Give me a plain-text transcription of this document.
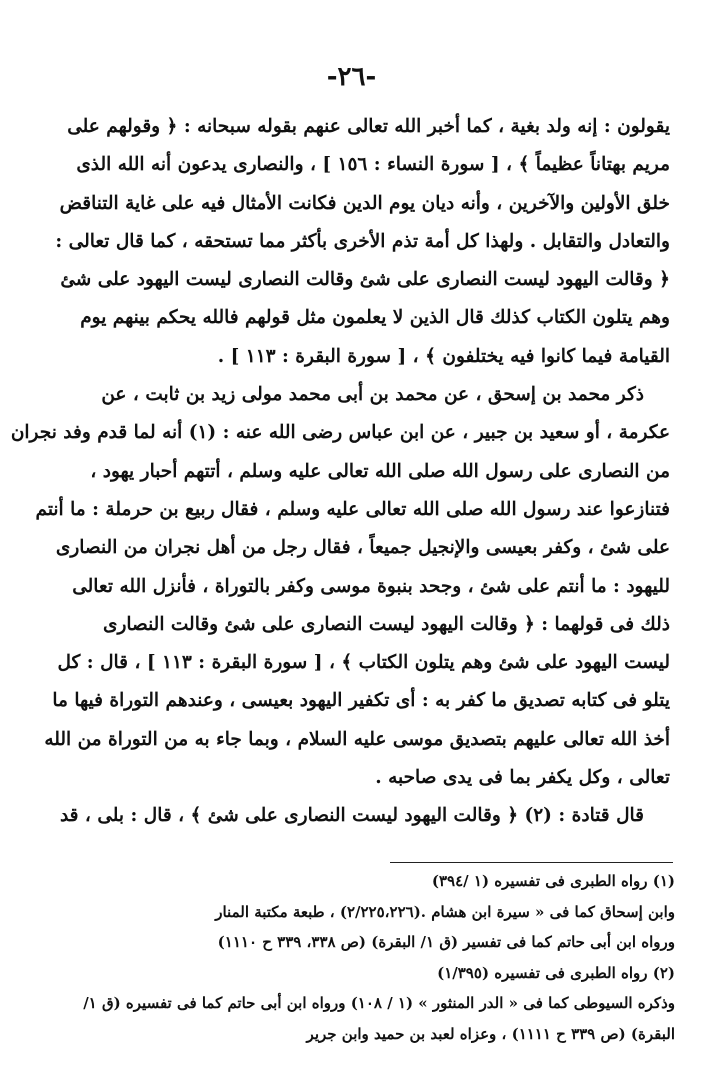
-٢٦-
يقولون : إنه ولد بغية ، كما أخبر الله تعالى عنهم بقوله سبحانه : ﴿ وقولهم على
مريم بهتاناً عظيماً ﴾ ، [ سورة النساء : ١٥٦ ] ، والنصارى يدعون أنه الله الذى
خلق الأولين والآخرين ، وأنه ديان يوم الدين فكانت الأمثال فيه على غاية التناقض
والتعادل والتقابل . ولهذا كل أمة تذم الأخرى بأكثر مما تستحقه ، كما قال تعالى :
﴿ وقالت اليهود ليست النصارى على شئ وقالت النصارى ليست اليهود على شئ
وهم يتلون الكتاب كذلك قال الذين لا يعلمون مثل قولهم فالله يحكم بينهم يوم
القيامة فيما كانوا فيه يختلفون ﴾ ، [ سورة البقرة : ١١٣ ] .
ذكر محمد بن إسحق ، عن محمد بن أبى محمد مولى زيد بن ثابت ، عن
عكرمة ، أو سعيد بن جبير ، عن ابن عباس رضى الله عنه : (١) أنه لما قدم وفد نجران
من النصارى على رسول الله صلى الله تعالى عليه وسلم ، أتتهم أحبار يهود ،
فتنازعوا عند رسول الله صلى الله تعالى عليه وسلم ، فقال ربيع بن حرملة : ما أنتم
على شئ ، وكفر بعيسى والإنجيل جميعاً ، فقال رجل من أهل نجران من النصارى
لليهود : ما أنتم على شئ ، وجحد بنبوة موسى وكفر بالتوراة ، فأنزل الله تعالى
ذلك فى قولهما : ﴿ وقالت اليهود ليست النصارى على شئ وقالت النصارى
ليست اليهود على شئ وهم يتلون الكتاب ﴾ ، [ سورة البقرة : ١١٣ ] ، قال : كل
يتلو فى كتابه تصديق ما كفر به : أى تكفير اليهود بعيسى ، وعندهم التوراة فيها ما
أخذ الله تعالى عليهم بتصديق موسى عليه السلام ، وبما جاء به من التوراة من الله
تعالى ، وكل يكفر بما فى يدى صاحبه .
قال قتادة : (٢) ﴿ وقالت اليهود ليست النصارى على شئ ﴾ ، قال : بلى ، قد
(١) رواه الطبرى فى تفسيره (١ /٣٩٤)
وابن إسحاق كما فى « سيرة ابن هشام .(٢/٢٢٥،٢٢٦) ، طبعة مكتبة المنار
ورواه ابن أبى حاتم كما فى تفسير (ق ١/ البقرة) (ص ٣٣٨، ٣٣٩ ح ١١١٠)
(٢) رواه الطبرى فى تفسيره (١/٣٩٥)
وذكره السيوطى كما فى « الدر المنثور » (١ / ١٠٨) ورواه ابن أبى حاتم كما فى تفسيره (ق ١/
البقرة) (ص ٣٣٩ ح ١١١١) ، وعزاه لعبد بن حميد وابن جرير
